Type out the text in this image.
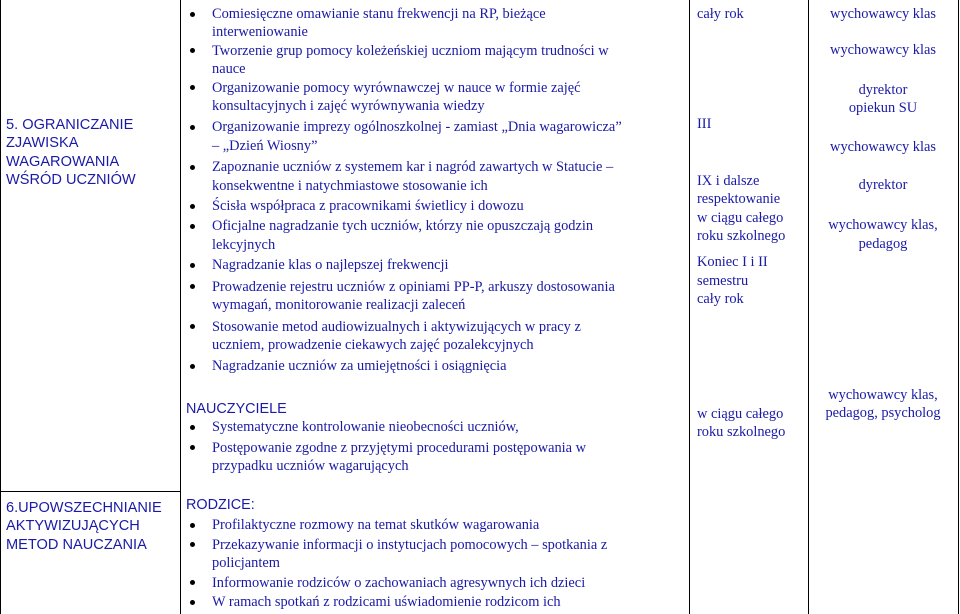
5. OGRANICZANIE
ZJAWISKA
WAGAROWANIA
WŚRÓD UCZNIÓW
Comiesięczne omawianie stanu frekwencji na RP, bieżące
interweniowanie
Tworzenie grup pomocy koleżeńskiej uczniom mającym trudności w
nauce
Organizowanie pomocy wyrównawczej w nauce w formie zajęć
konsultacyjnych i zajęć wyrównywania wiedzy
Organizowanie imprezy ogólnoszkolnej - zamiast „Dnia wagarowicza”
– „Dzień Wiosny”
Zapoznanie uczniów z systemem kar i nagród zawartych w Statucie –
konsekwentne i natychmiastowe stosowanie ich
Ścisła współpraca z pracownikami świetlicy i dowozu
Oficjalne nagradzanie tych uczniów, którzy nie opuszczają godzin
lekcyjnych
Nagradzanie klas o najlepszej frekwencji
Prowadzenie rejestru uczniów z opiniami PP-P, arkuszy dostosowania
wymagań, monitorowanie realizacji zaleceń
Stosowanie metod audiowizualnych i aktywizujących w pracy z
uczniem, prowadzenie ciekawych zajęć pozalekcyjnych
Nagradzanie uczniów za umiejętności i osiągnięcia
cały rok
III
IX i dalsze
respektowanie
w ciągu całego
roku szkolnego
Koniec I i II
semestru
cały rok
wychowawcy klas
wychowawcy klas
dyrektor
opiekun SU
wychowawcy klas
dyrektor
wychowawcy klas,
pedagog
NAUCZYCIELE
Systematyczne kontrolowanie nieobecności uczniów,
Postępowanie zgodne z przyjętymi procedurami postępowania w
przypadku uczniów wagarujących
w ciągu całego
roku szkolnego
wychowawcy klas,
pedagog, psycholog
6.UPOWSZECHNIANIE
AKTYWIZUJĄCYCH
METOD NAUCZANIA
RODZICE:
Profilaktyczne rozmowy na temat skutków wagarowania
Przekazywanie informacji o instytucjach pomocowych – spotkania z
policjantem
Informowanie rodziców o zachowaniach agresywnych ich dzieci
W ramach spotkań z rodzicami uświadomienie rodzicom ich
